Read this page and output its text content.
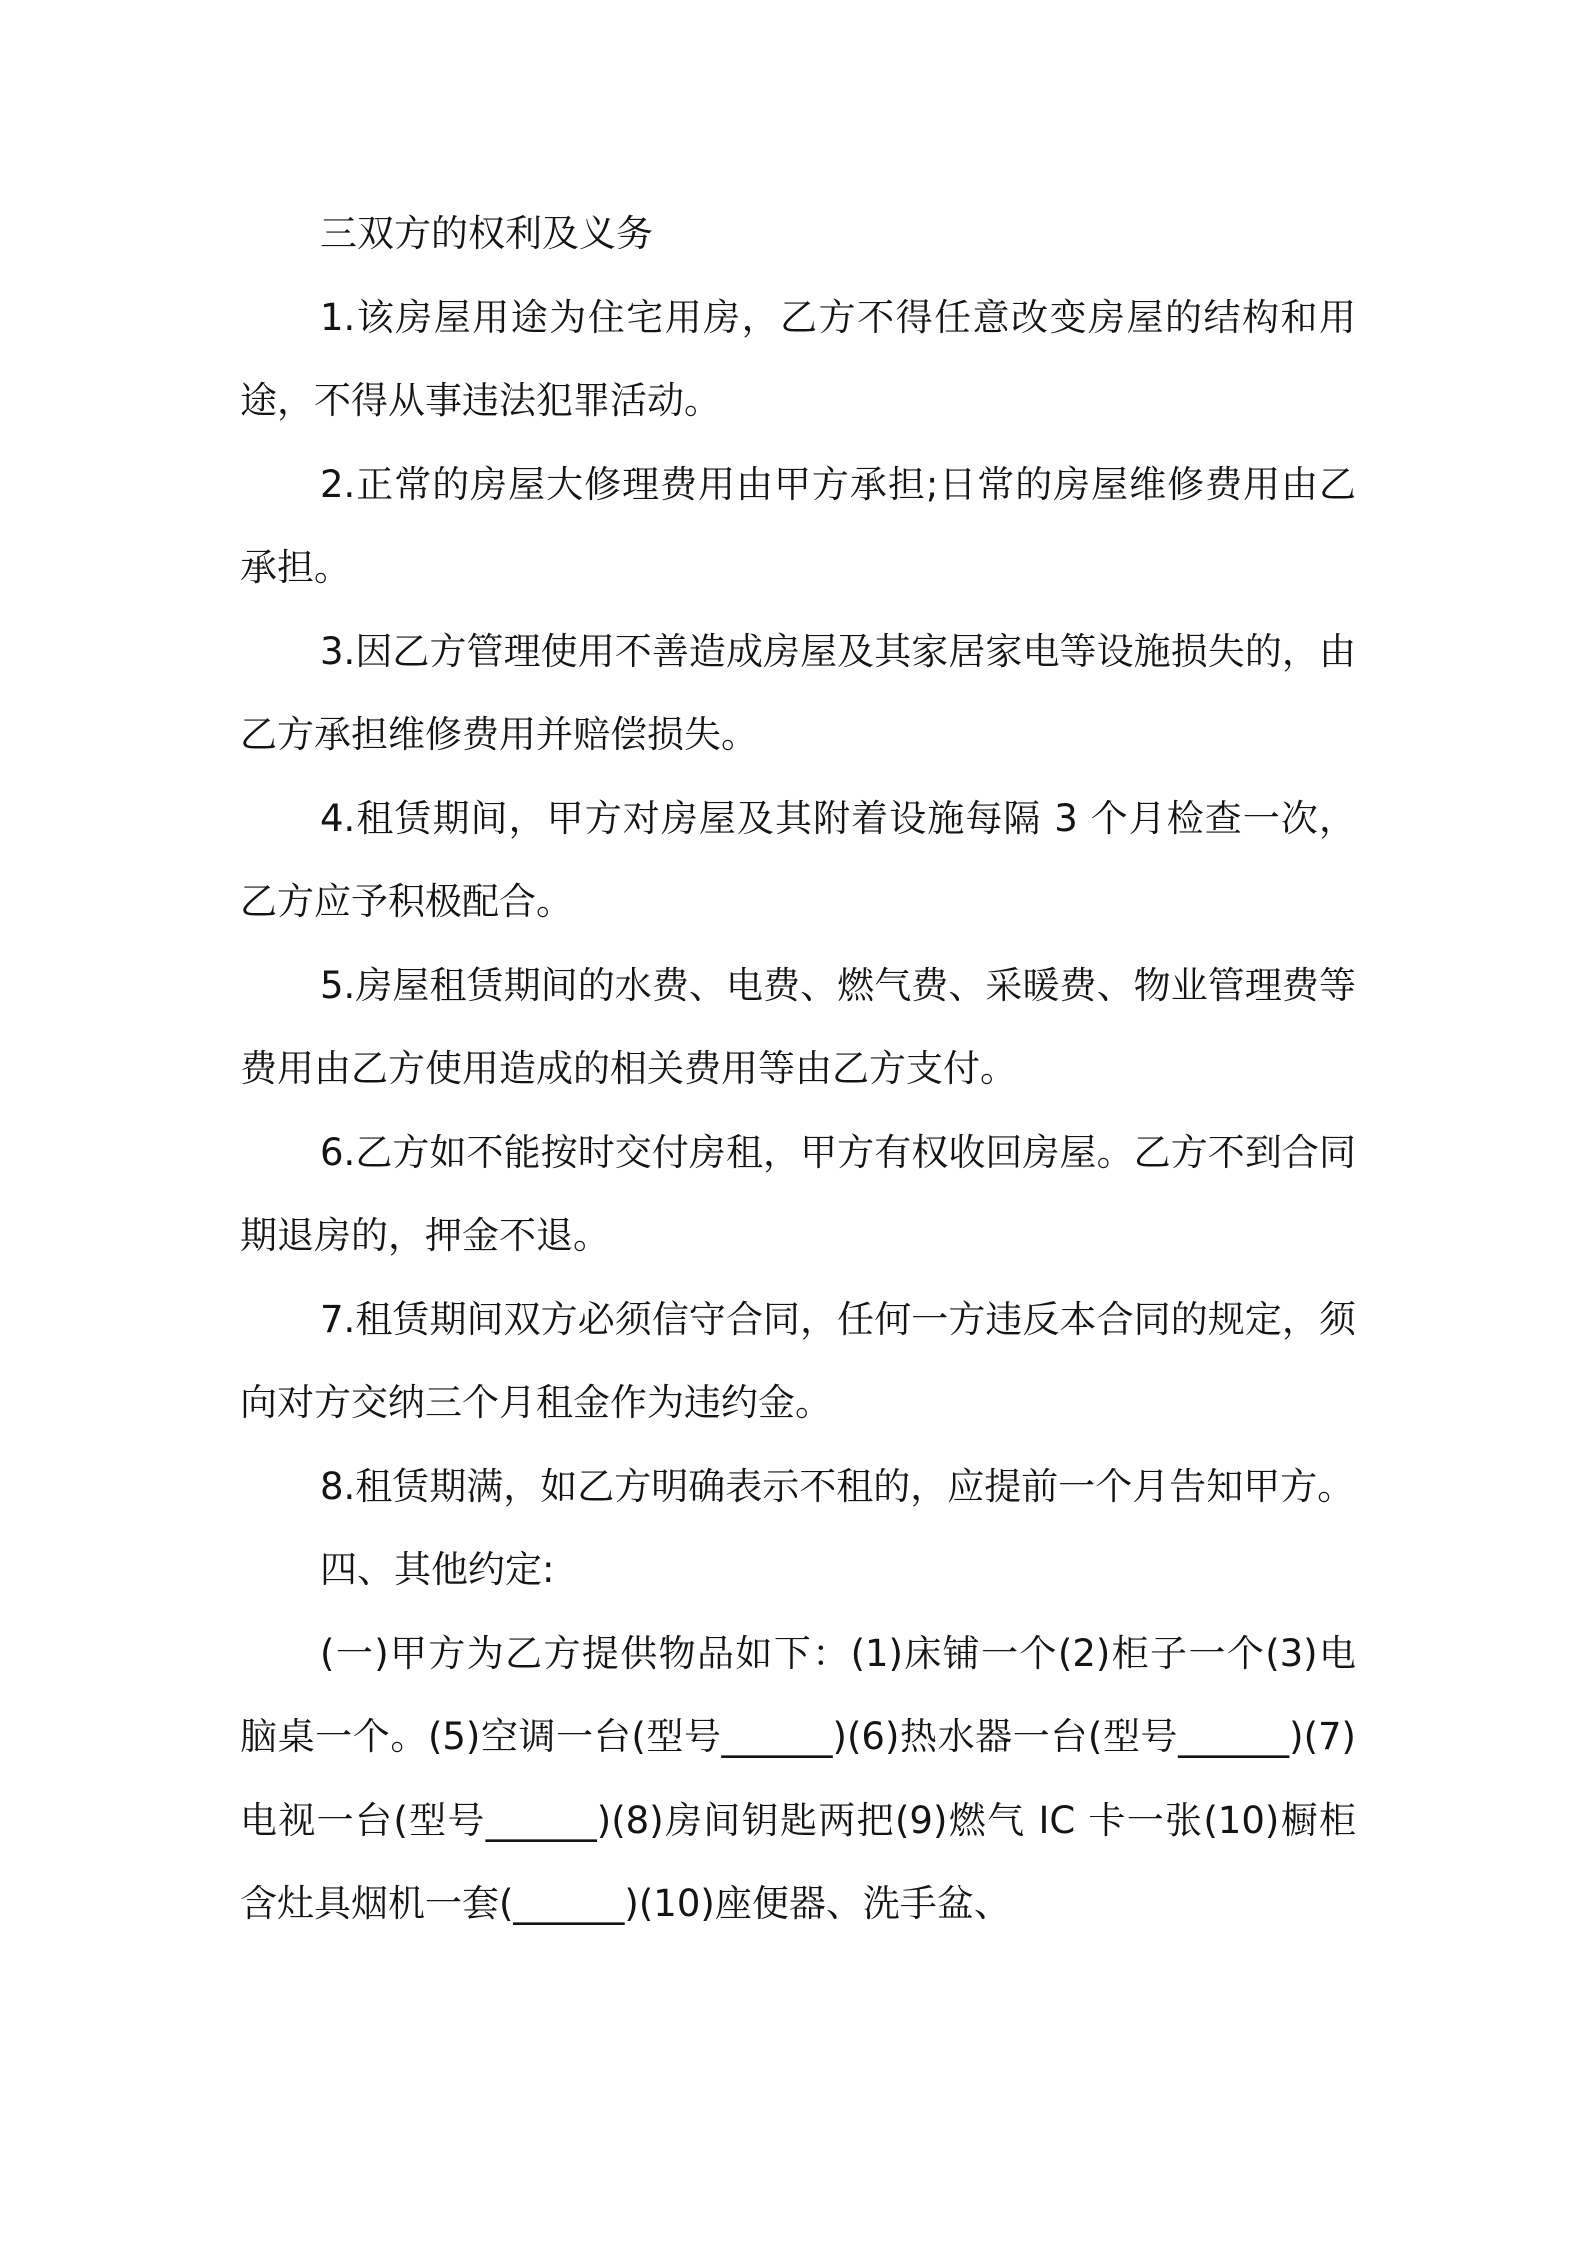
三双方的权利及义务

1.该房屋用途为住宅用房，乙方不得任意改变房屋的结构和用途，不得从事违法犯罪活动。

2.正常的房屋大修理费用由甲方承担;日常的房屋维修费用由乙承担。

3.因乙方管理使用不善造成房屋及其家居家电等设施损失的，由乙方承担维修费用并赔偿损失。

4.租赁期间，甲方对房屋及其附着设施每隔 3 个月检查一次，乙方应予积极配合。

5.房屋租赁期间的水费、电费、燃气费、采暖费、物业管理费等费用由乙方使用造成的相关费用等由乙方支付。

6.乙方如不能按时交付房租，甲方有权收回房屋。乙方不到合同期退房的，押金不退。

7.租赁期间双方必须信守合同，任何一方违反本合同的规定，须向对方交纳三个月租金作为违约金。

8.租赁期满，如乙方明确表示不租的，应提前一个月告知甲方。

四、其他约定:

(一)甲方为乙方提供物品如下：(1)床铺一个(2)柜子一个(3)电脑桌一个。(5)空调一台(型号______)(6)热水器一台(型号______)(7)电视一台(型号______)(8)房间钥匙两把(9)燃气 IC 卡一张(10)橱柜含灶具烟机一套(______)(10)座便器、洗手盆、
